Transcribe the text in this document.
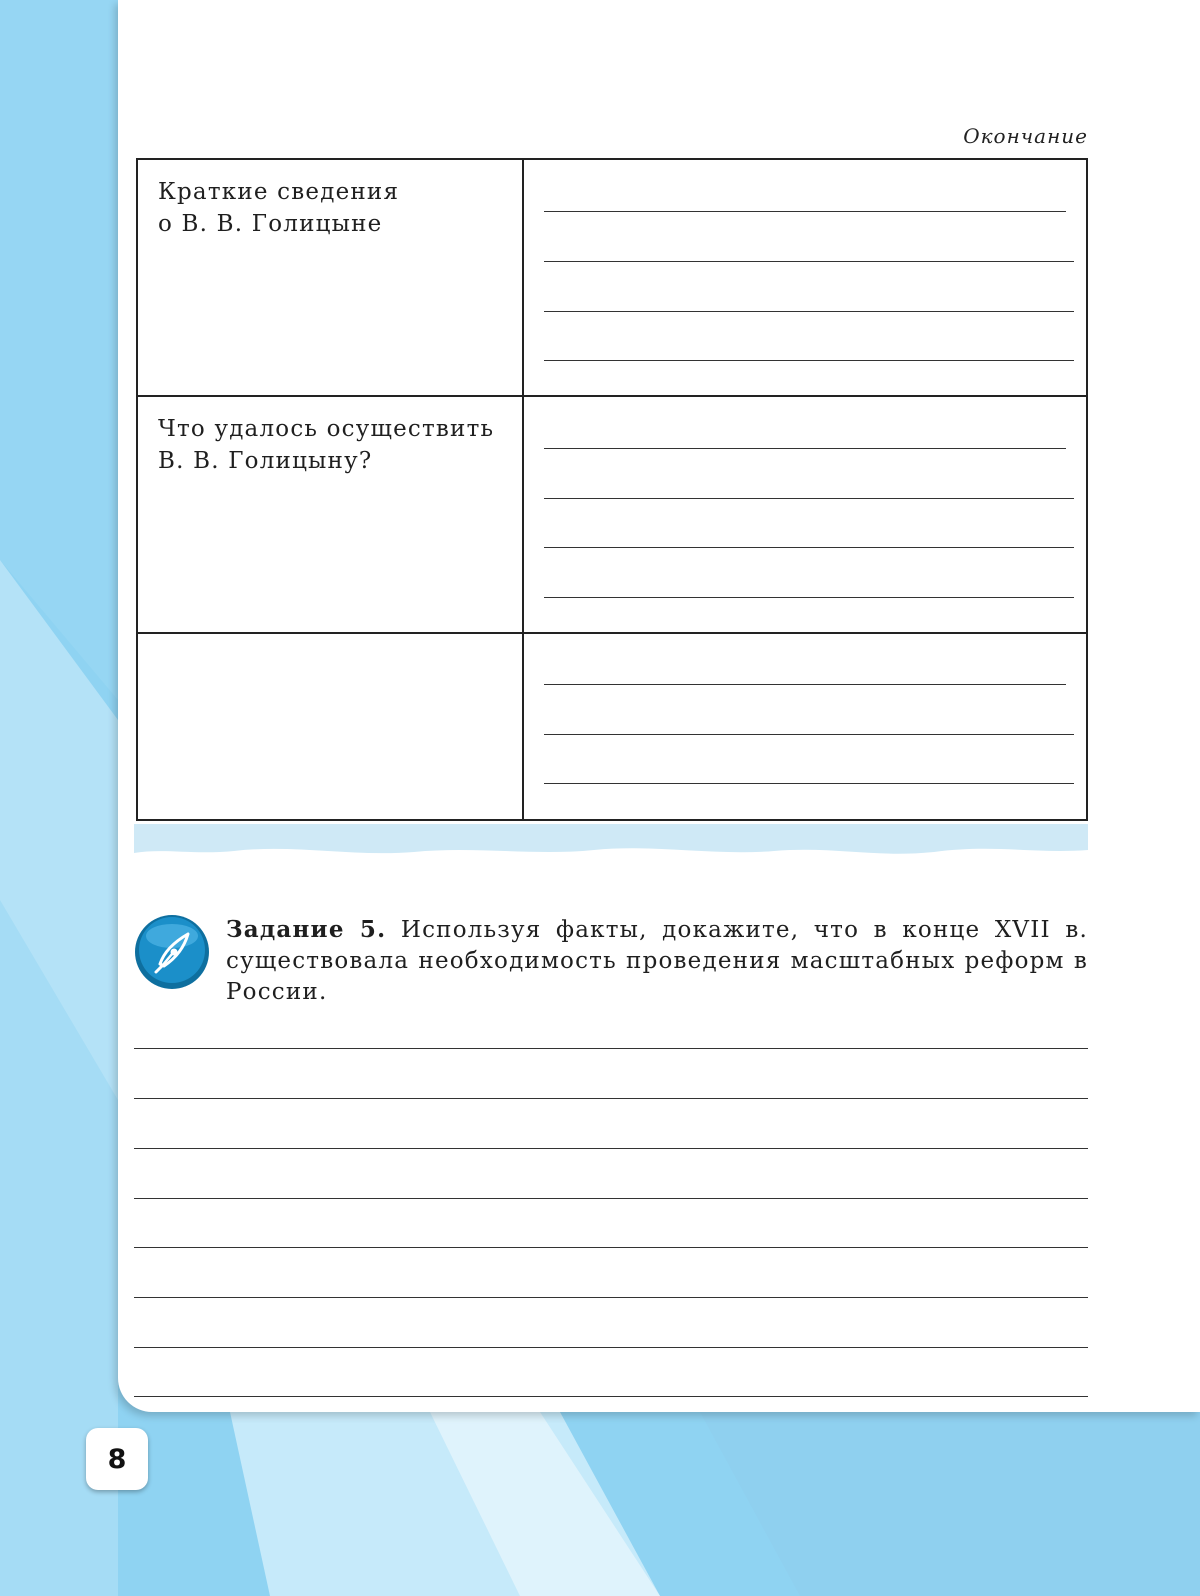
Окончание
Краткие сведения
о В. В. Голицыне	

Что удалось осуществить
В. В. Голицыну?	

Задание 5. Используя факты, докажите, что в конце XVII в. существовала необходимость проведения масштабных реформ в России.
8
